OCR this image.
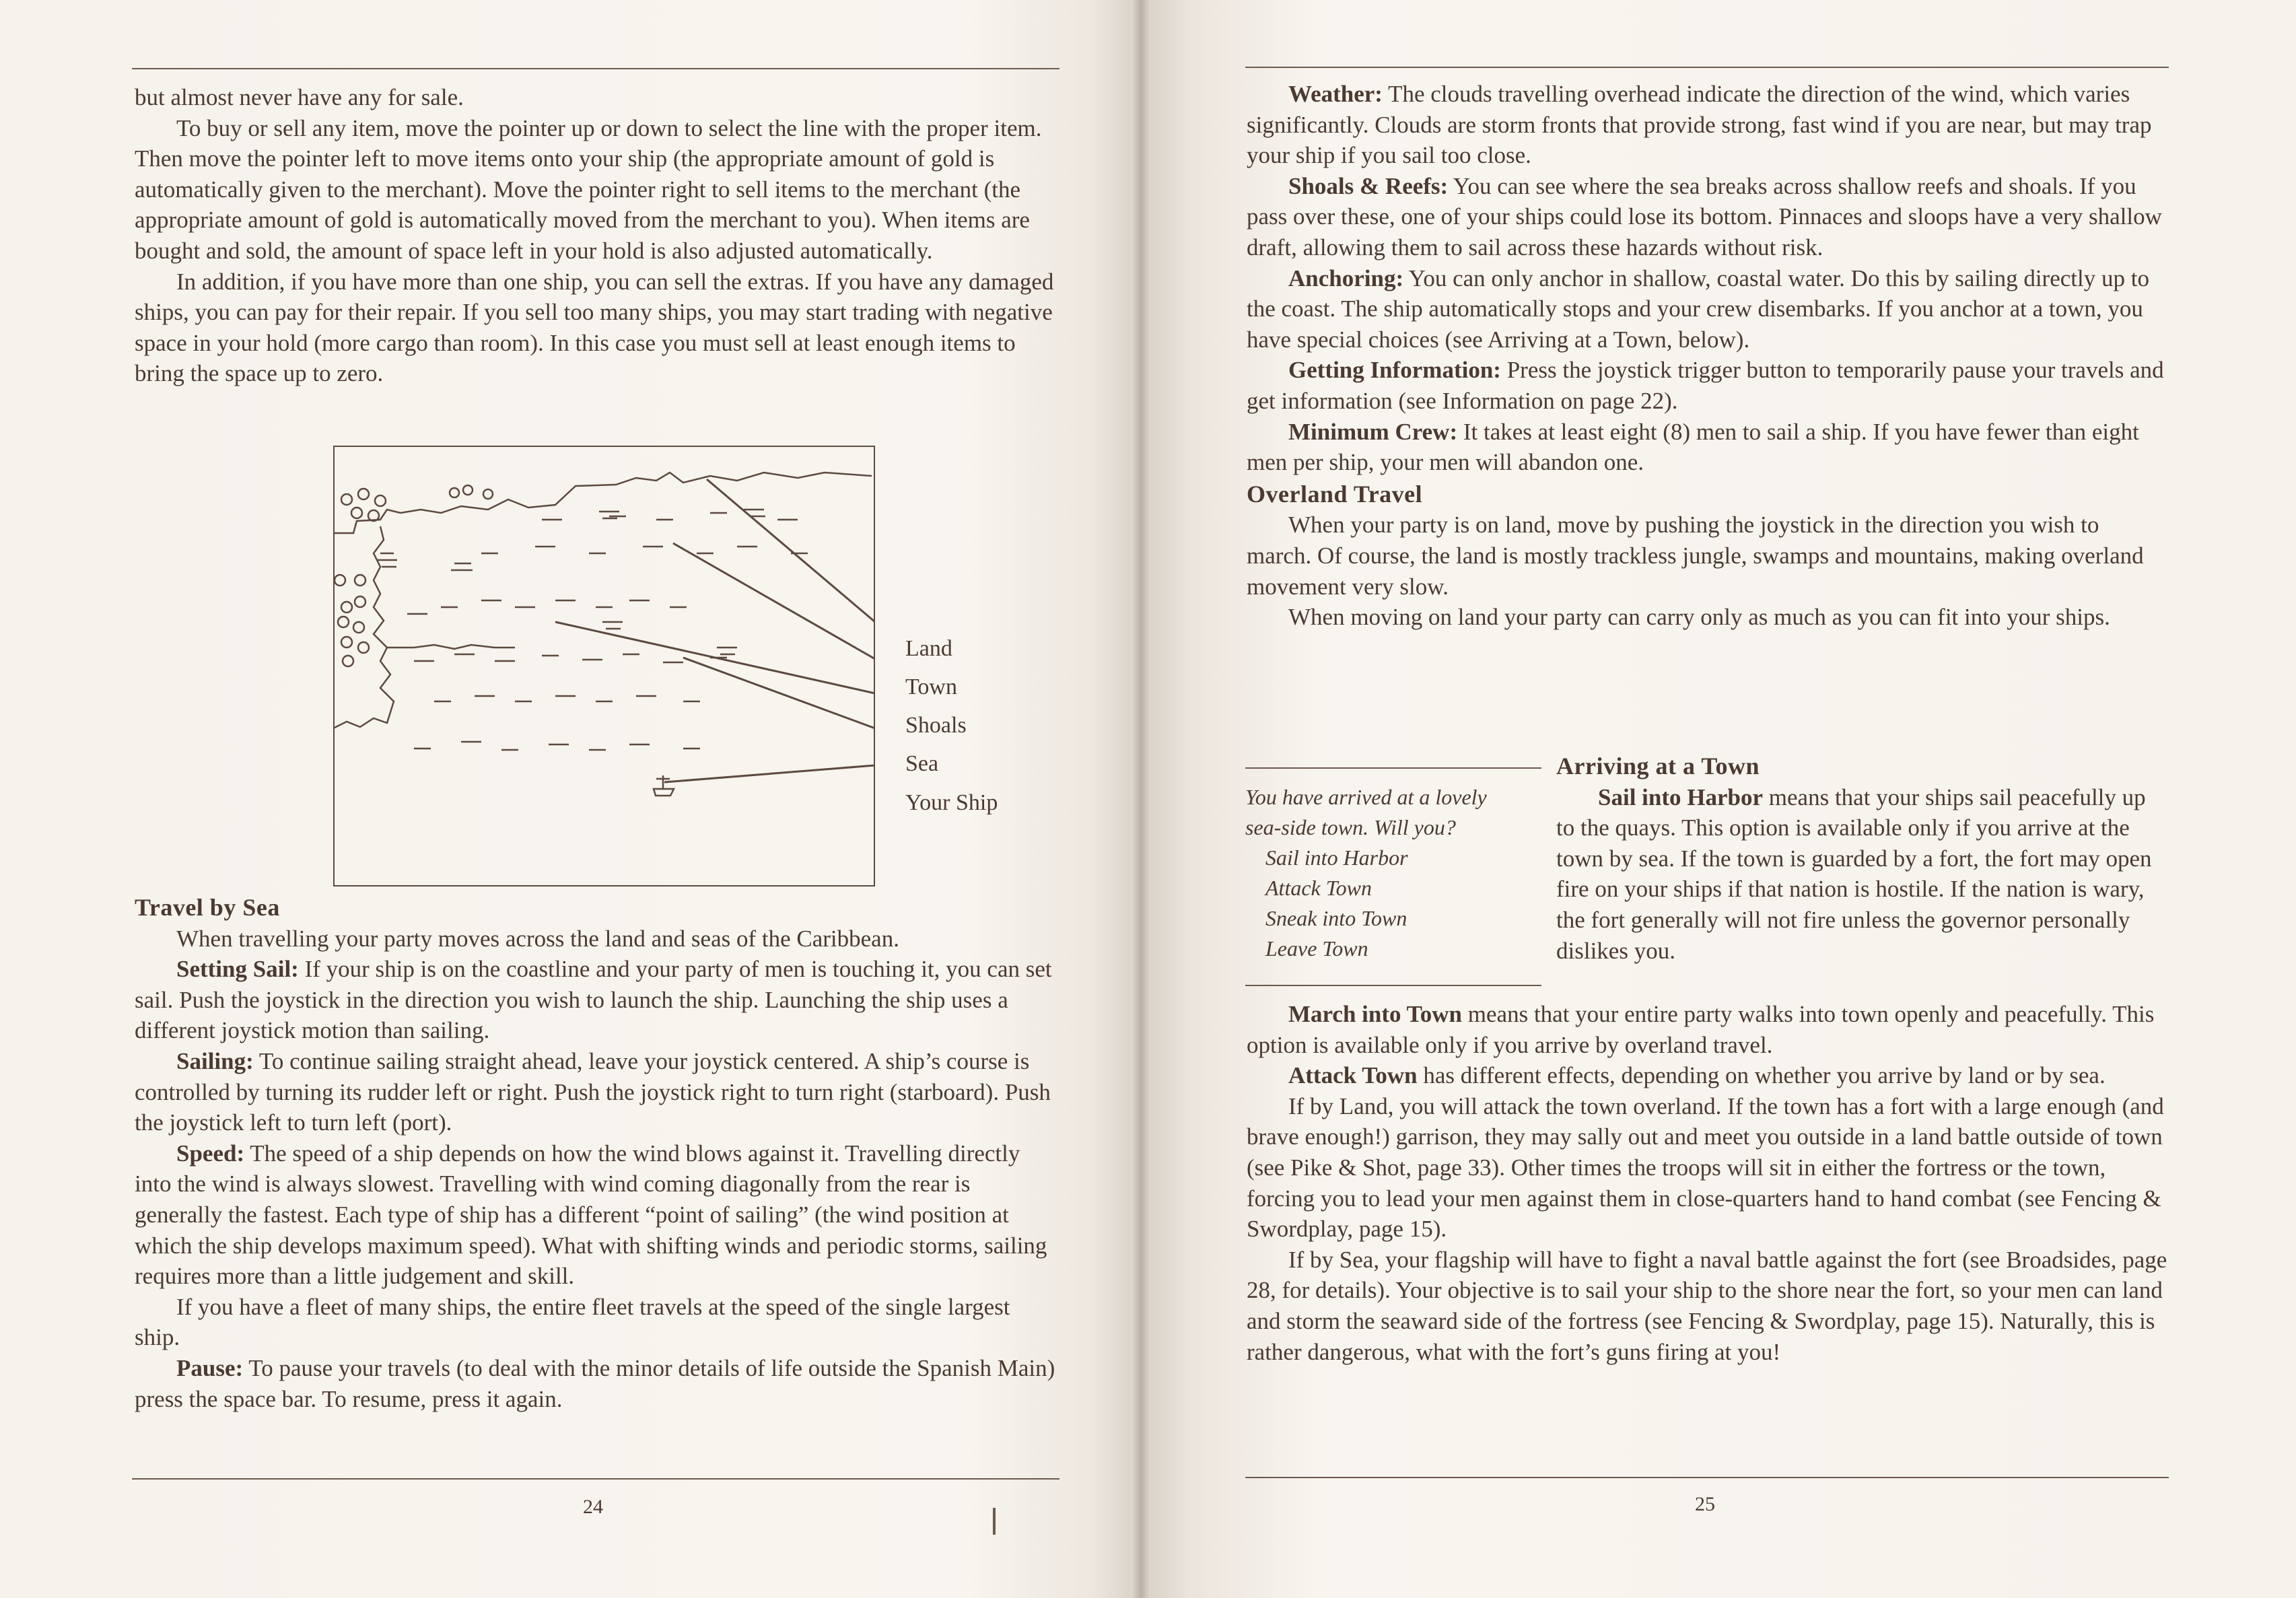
but almost never have any for sale.

To buy or sell any item, move the pointer up or down to select the line with the proper item. Then move the pointer left to move items onto your ship (the appropriate amount of gold is automatically given to the merchant). Move the pointer right to sell items to the merchant (the appropriate amount of gold is automatically moved from the merchant to you). When items are bought and sold, the amount of space left in your hold is also adjusted automatically.

In addition, if you have more than one ship, you can sell the extras. If you have any damaged ships, you can pay for their repair. If you sell too many ships, you may start trading with negative space in your hold (more cargo than room). In this case you must sell at least enough items to bring the space up to zero.

Land
Town
Shoals
Sea
Your Ship

Travel by Sea

When travelling your party moves across the land and seas of the Caribbean.

Setting Sail: If your ship is on the coastline and your party of men is touching it, you can set sail. Push the joystick in the direction you wish to launch the ship. Launching the ship uses a different joystick motion than sailing.

Sailing: To continue sailing straight ahead, leave your joystick centered. A ship’s course is controlled by turning its rudder left or right. Push the joystick right to turn right (starboard). Push the joystick left to turn left (port).

Speed: The speed of a ship depends on how the wind blows against it. Travelling directly into the wind is always slowest. Travelling with wind coming diagonally from the rear is generally the fastest. Each type of ship has a different “point of sailing” (the wind position at which the ship develops maximum speed). What with shifting winds and periodic storms, sailing requires more than a little judgement and skill.

If you have a fleet of many ships, the entire fleet travels at the speed of the single largest ship.

Pause: To pause your travels (to deal with the minor details of life outside the Spanish Main) press the space bar. To resume, press it again.

24

Weather: The clouds travelling overhead indicate the direction of the wind, which varies significantly. Clouds are storm fronts that provide strong, fast wind if you are near, but may trap your ship if you sail too close.

Shoals & Reefs: You can see where the sea breaks across shallow reefs and shoals. If you pass over these, one of your ships could lose its bottom. Pinnaces and sloops have a very shallow draft, allowing them to sail across these hazards without risk.

Anchoring: You can only anchor in shallow, coastal water. Do this by sailing directly up to the coast. The ship automatically stops and your crew disembarks. If you anchor at a town, you have special choices (see Arriving at a Town, below).

Getting Information: Press the joystick trigger button to temporarily pause your travels and get information (see Information on page 22).

Minimum Crew: It takes at least eight (8) men to sail a ship. If you have fewer than eight men per ship, your men will abandon one.

Overland Travel

When your party is on land, move by pushing the joystick in the direction you wish to march. Of course, the land is mostly trackless jungle, swamps and mountains, making overland movement very slow.

When moving on land your party can carry only as much as you can fit into your ships.

You have arrived at a lovely
sea-side town. Will you?
Sail into Harbor
Attack Town
Sneak into Town
Leave Town

Arriving at a Town

Sail into Harbor means that your ships sail peacefully up to the quays. This option is available only if you arrive at the town by sea. If the town is guarded by a fort, the fort may open fire on your ships if that nation is hostile. If the nation is wary, the fort generally will not fire unless the governor personally dislikes you.

March into Town means that your entire party walks into town openly and peacefully. This option is available only if you arrive by overland travel.

Attack Town has different effects, depending on whether you arrive by land or by sea.

If by Land, you will attack the town overland. If the town has a fort with a large enough (and brave enough!) garrison, they may sally out and meet you outside in a land battle outside of town (see Pike & Shot, page 33). Other times the troops will sit in either the fortress or the town, forcing you to lead your men against them in close-quarters hand to hand combat (see Fencing & Swordplay, page 15).

If by Sea, your flagship will have to fight a naval battle against the fort (see Broadsides, page 28, for details). Your objective is to sail your ship to the shore near the fort, so your men can land and storm the seaward side of the fortress (see Fencing & Swordplay, page 15). Naturally, this is rather dangerous, what with the fort’s guns firing at you!

25
